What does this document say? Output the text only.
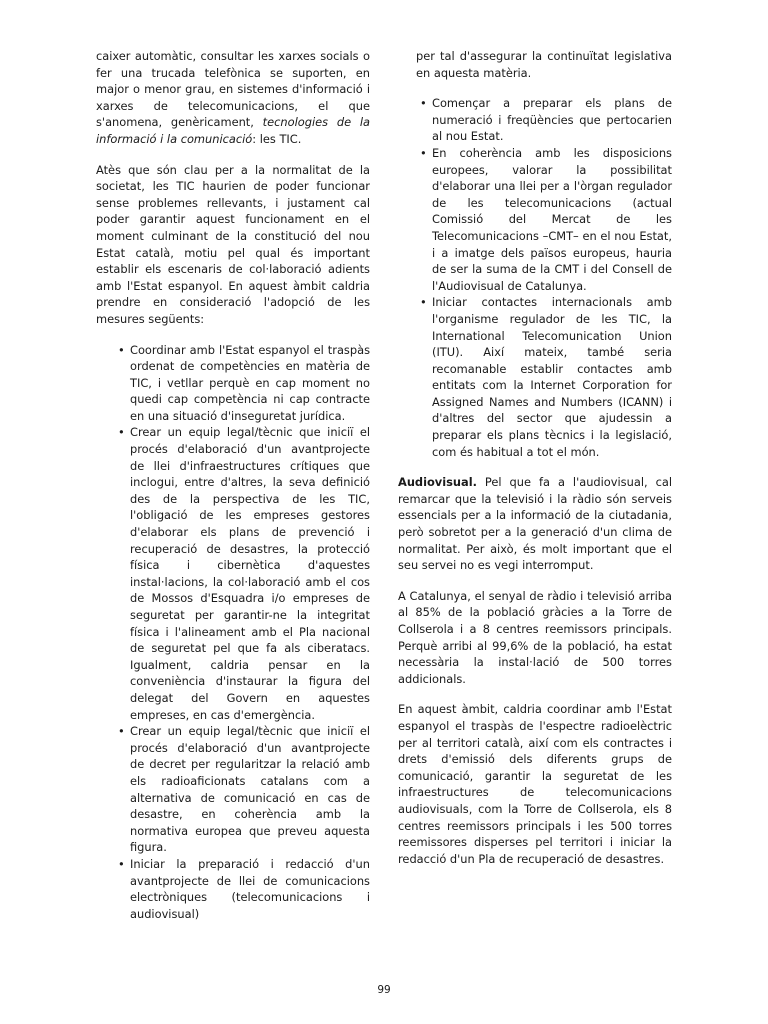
caixer automàtic, consultar les xarxes socials o fer una trucada telefònica se suporten, en major o menor grau, en sistemes d'informació i xarxes de telecomunicacions, el que s'anomena, genèricament, tecnologies de la informació i la comunicació: les TIC.

Atès que són clau per a la normalitat de la societat, les TIC haurien de poder funcionar sense problemes rellevants, i justament cal poder garantir aquest funcionament en el moment culminant de la constitució del nou Estat català, motiu pel qual és important establir els escenaris de col·laboració adients amb l'Estat espanyol. En aquest àmbit caldria prendre en consideració l'adopció de les mesures següents:

• Coordinar amb l'Estat espanyol el traspàs ordenat de competències en matèria de TIC, i vetllar perquè en cap moment no quedi cap competència ni cap contracte en una situació d'inseguretat jurídica.
• Crear un equip legal/tècnic que iniciï el procés d'elaboració d'un avantprojecte de llei d'infraestructures crítiques que inclogui, entre d'altres, la seva definició des de la perspectiva de les TIC, l'obligació de les empreses gestores d'elaborar els plans de prevenció i recuperació de desastres, la protecció física i cibernètica d'aquestes instal·lacions, la col·laboració amb el cos de Mossos d'Esquadra i/o empreses de seguretat per garantir-ne la integritat física i l'alineament amb el Pla nacional de seguretat pel que fa als ciberatacs. Igualment, caldria pensar en la conveniència d'instaurar la figura del delegat del Govern en aquestes empreses, en cas d'emergència.
• Crear un equip legal/tècnic que iniciï el procés d'elaboració d'un avantprojecte de decret per regularitzar la relació amb els radioaficionats catalans com a alternativa de comunicació en cas de desastre, en coherència amb la normativa europea que preveu aquesta figura.
• Iniciar la preparació i redacció d'un avantprojecte de llei de comunicacions electròniques (telecomunicacions i audiovisual)

per tal d'assegurar la continuïtat legislativa en aquesta matèria.

• Començar a preparar els plans de numeració i freqüències que pertocarien al nou Estat.
• En coherència amb les disposicions europees, valorar la possibilitat d'elaborar una llei per a l'òrgan regulador de les telecomunicacions (actual Comissió del Mercat de les Telecomunicacions –CMT– en el nou Estat, i a imatge dels països europeus, hauria de ser la suma de la CMT i del Consell de l'Audiovisual de Catalunya.
• Iniciar contactes internacionals amb l'organisme regulador de les TIC, la International Telecomunication Union (ITU). Així mateix, també seria recomanable establir contactes amb entitats com la Internet Corporation for Assigned Names and Numbers (ICANN) i d'altres del sector que ajudessin a preparar els plans tècnics i la legislació, com és habitual a tot el món.

Audiovisual. Pel que fa a l'audiovisual, cal remarcar que la televisió i la ràdio són serveis essencials per a la informació de la ciutadania, però sobretot per a la generació d'un clima de normalitat. Per això, és molt important que el seu servei no es vegi interromput.

A Catalunya, el senyal de ràdio i televisió arriba al 85% de la població gràcies a la Torre de Collserola i a 8 centres reemissors principals. Perquè arribi al 99,6% de la població, ha estat necessària la instal·lació de 500 torres addicionals.

En aquest àmbit, caldria coordinar amb l'Estat espanyol el traspàs de l'espectre radioelèctric per al territori català, així com els contractes i drets d'emissió dels diferents grups de comunicació, garantir la seguretat de les infraestructures de telecomunicacions audiovisuals, com la Torre de Collserola, els 8 centres reemissors principals i les 500 torres reemissores disperses pel territori i iniciar la redacció d'un Pla de recuperació de desastres.

99
